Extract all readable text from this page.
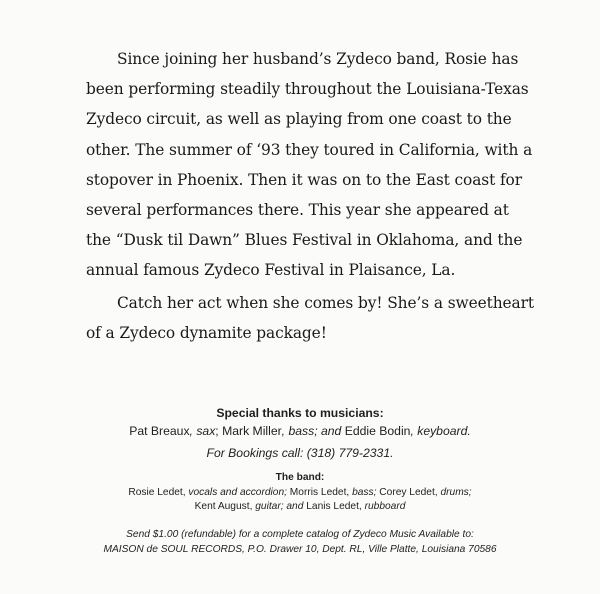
Since joining her husband’s Zydeco band, Rosie has been performing steadily throughout the Louisiana-Texas Zydeco circuit, as well as playing from one coast to the other. The summer of ‘93 they toured in California, with a stopover in Phoenix. Then it was on to the East coast for several performances there. This year she appeared at the “Dusk til Dawn” Blues Festival in Oklahoma, and the annual famous Zydeco Festival in Plaisance, La.

Catch her act when she comes by! She’s a sweetheart of a Zydeco dynamite package!

Special thanks to musicians:
Pat Breaux, sax; Mark Miller, bass; and Eddie Bodin, keyboard.
For Bookings call: (318) 779-2331.
The band:
Rosie Ledet, vocals and accordion; Morris Ledet, bass; Corey Ledet, drums;
Kent August, guitar; and Lanis Ledet, rubboard
Send $1.00 (refundable) for a complete catalog of Zydeco Music Available to:
MAISON de SOUL RECORDS, P.O. Drawer 10, Dept. RL, Ville Platte, Louisiana 70586
